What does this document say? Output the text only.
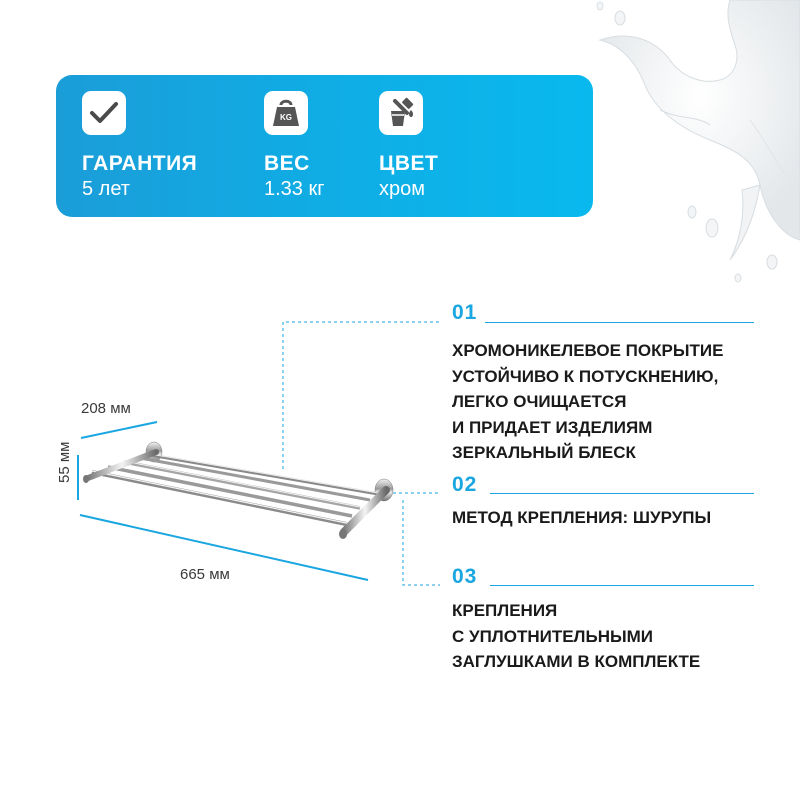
ГАРАНТИЯ
5 лет
KG
ВЕС
1.33 кг
ЦВЕТ
хром
208 мм
55 мм
665 мм
01
ХРОМОНИКЕЛЕВОЕ ПОКРЫТИЕ
УСТОЙЧИВО К ПОТУСКНЕНИЮ,
ЛЕГКО ОЧИЩАЕТСЯ
И ПРИДАЕТ ИЗДЕЛИЯМ
ЗЕРКАЛЬНЫЙ БЛЕСК
02
МЕТОД КРЕПЛЕНИЯ: ШУРУПЫ
03
КРЕПЛЕНИЯ
С УПЛОТНИТЕЛЬНЫМИ
ЗАГЛУШКАМИ В КОМПЛЕКТЕ
